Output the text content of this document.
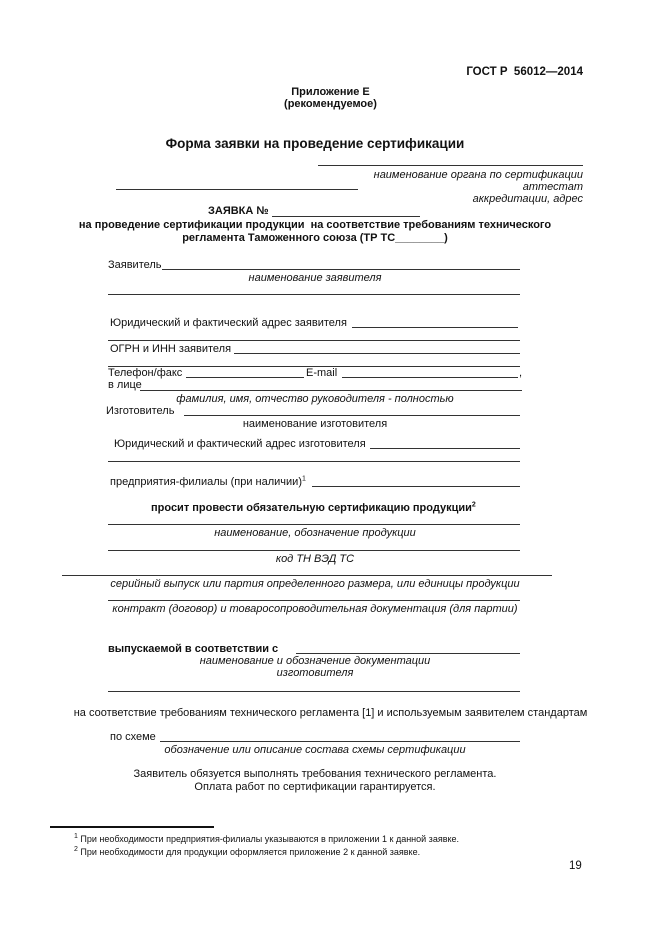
ГОСТ Р  56012—2014
Приложение Е
(рекомендуемое)
Форма заявки на проведение сертификации
наименование органа по сертификации
аттестат
аккредитации, адрес
ЗАЯВКА №
на проведение сертификации продукции  на соответствие требованиям технического
регламента Таможенного союза (ТР ТС________)
Заявитель
наименование заявителя
Юридический и фактический адрес заявителя
ОГРН и ИНН заявителя
Телефон/факс	E-mail	,
в лице
фамилия, имя, отчество руководителя - полностью
Изготовитель
наименование изготовителя
Юридический и фактический адрес изготовителя
предприятия-филиалы (при наличии)$^1$
просит провести обязательную сертификацию продукции$^2$
наименование, обозначение продукции
код ТН ВЭД ТС
серийный выпуск или партия определенного размера, или единицы продукции
контракт (договор) и товаросопроводительная документация (для партии)
выпускаемой в соответствии с
наименование и обозначение документации
изготовителя
на соответствие требованиям технического регламента [1] и используемым заявителем стандартам
по схеме
обозначение или описание состава схемы сертификации
Заявитель обязуется выполнять требования технического регламента.
Оплата работ по сертификации гарантируется.
$^1$ При необходимости предприятия-филиалы указываются в приложении 1 к данной заявке.
$^2$ При необходимости для продукции оформляется приложение 2 к данной заявке.
19
